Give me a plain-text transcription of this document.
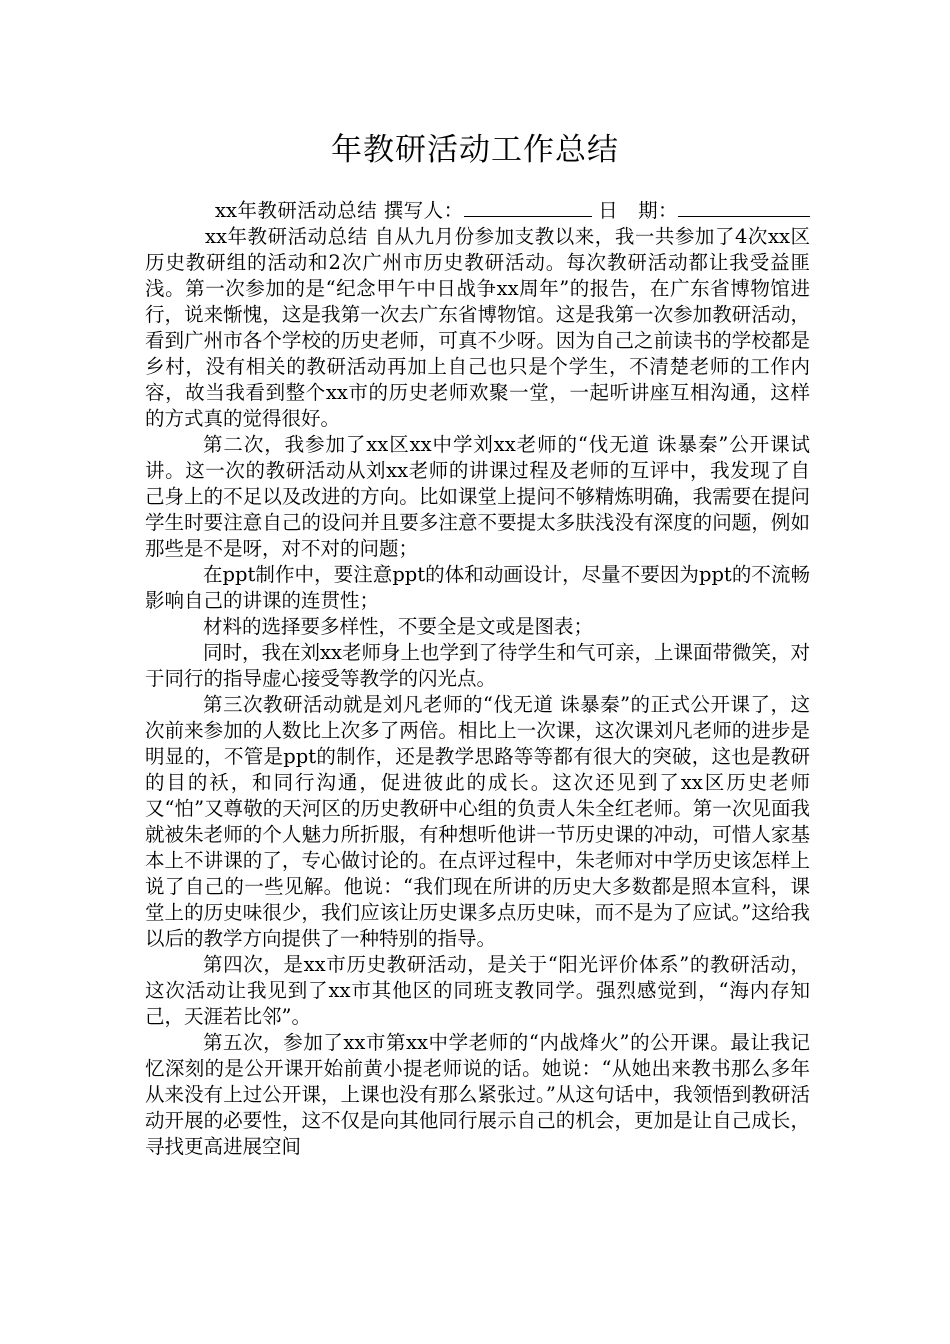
年教研活动工作总结

xx年教研活动总结 撰写人：	日　期：xx年教研活动总结 自从九月份参加支教以来，我一共参加了4次xx区历史教研组的活动和2次广州市历史教研活动。每次教研活动都让我受益匪浅。第一次参加的是“纪念甲午中日战争xx周年”的报告，在广东省博物馆进行，说来惭愧，这是我第一次去广东省博物馆。这是我第一次参加教研活动，看到广州市各个学校的历史老师，可真不少呀。因为自己之前读书的学校都是乡村，没有相关的教研活动再加上自己也只是个学生，不清楚老师的工作内容，故当我看到整个xx市的历史老师欢聚一堂，一起听讲座互相沟通，这样的方式真的觉得很好。

第二次，我参加了xx区xx中学刘xx老师的“伐无道 诛暴秦”公开课试讲。这一次的教研活动从刘xx老师的讲课过程及老师的互评中，我发现了自己身上的不足以及改进的方向。比如课堂上提问不够精炼明确，我需要在提问学生时要注意自己的设问并且要多注意不要提太多肤浅没有深度的问题，例如那些是不是呀，对不对的问题；

在ppt制作中，要注意ppt的体和动画设计，尽量不要因为ppt的不流畅影响自己的讲课的连贯性；

材料的选择要多样性，不要全是文或是图表；

同时，我在刘xx老师身上也学到了待学生和气可亲，上课面带微笑，对于同行的指导虚心接受等教学的闪光点。

第三次教研活动就是刘凡老师的“伐无道 诛暴秦”的正式公开课了，这次前来参加的人数比上次多了两倍。相比上一次课，这次课刘凡老师的进步是明显的，不管是ppt的制作，还是教学思路等等都有很大的突破，这也是教研的目的袄，和同行沟通，促进彼此的成长。这次还见到了xx区历史老师又“怕”又尊敬的天河区的历史教研中心组的负责人朱全红老师。第一次见面我就被朱老师的个人魅力所折服，有种想听他讲一节历史课的冲动，可惜人家基本上不讲课的了，专心做讨论的。在点评过程中，朱老师对中学历史该怎样上说了自己的一些见解。他说：“我们现在所讲的历史大多数都是照本宣科，课堂上的历史味很少，我们应该让历史课多点历史味，而不是为了应试。”这给我以后的教学方向提供了一种特别的指导。

第四次，是xx市历史教研活动，是关于“阳光评价体系”的教研活动，这次活动让我见到了xx市其他区的同班支教同学。强烈感觉到，“海内存知己，天涯若比邻”。

第五次，参加了xx市第xx中学老师的“内战烽火”的公开课。最让我记忆深刻的是公开课开始前黄小提老师说的话。她说：“从她出来教书那么多年从来没有上过公开课，上课也没有那么紧张过。”从这句话中，我领悟到教研活动开展的必要性，这不仅是向其他同行展示自己的机会，更加是让自己成长，寻找更高进展空间
